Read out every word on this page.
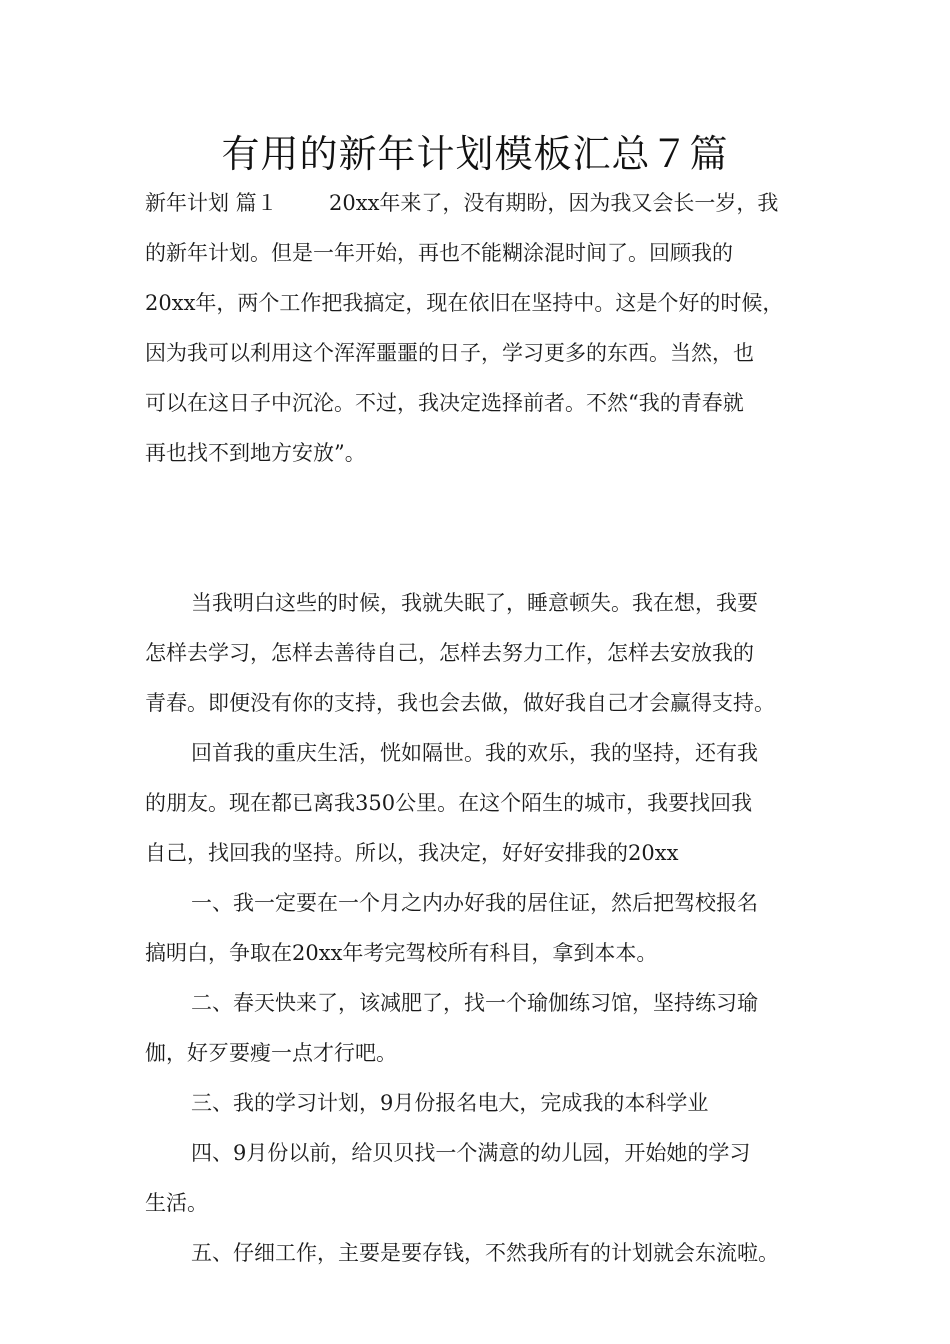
有用的新年计划模板汇总７篇
新年计划 篇１ 20xx年来了，没有期盼，因为我又会长一岁，我
的新年计划。但是一年开始，再也不能糊涂混时间了。回顾我的
20xx年，两个工作把我搞定，现在依旧在坚持中。这是个好的时候，
因为我可以利用这个浑浑噩噩的日子，学习更多的东西。当然，也
可以在这日子中沉沦。不过，我决定选择前者。不然“我的青春就
再也找不到地方安放”。
当我明白这些的时候，我就失眠了，睡意顿失。我在想，我要
怎样去学习，怎样去善待自己，怎样去努力工作，怎样去安放我的
青春。即便没有你的支持，我也会去做，做好我自己才会赢得支持。
回首我的重庆生活，恍如隔世。我的欢乐，我的坚持，还有我
的朋友。现在都已离我350公里。在这个陌生的城市，我要找回我
自己，找回我的坚持。所以，我决定，好好安排我的20xx
一、我一定要在一个月之内办好我的居住证，然后把驾校报名
搞明白，争取在20xx年考完驾校所有科目，拿到本本。
二、春天快来了，该减肥了，找一个瑜伽练习馆，坚持练习瑜
伽，好歹要瘦一点才行吧。
三、我的学习计划，9月份报名电大，完成我的本科学业
四、9月份以前，给贝贝找一个满意的幼儿园，开始她的学习
生活。
五、仔细工作，主要是要存钱，不然我所有的计划就会东流啦。
